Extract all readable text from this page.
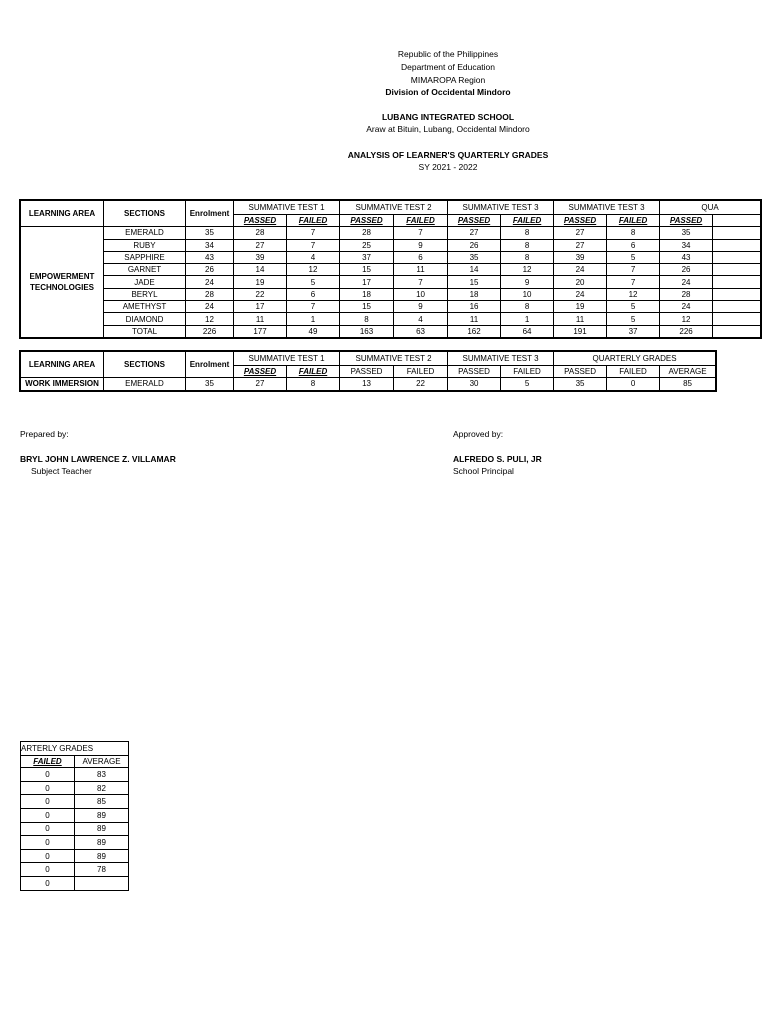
Republic of the Philippines
Department of Education
MIMAROPA Region
Division of Occidental Mindoro
LUBANG INTEGRATED SCHOOL
Araw at Bituin, Lubang, Occidental Mindoro
ANALYSIS OF LEARNER'S QUARTERLY GRADES
SY 2021 - 2022
LEARNING AREA	SECTIONS	Enrolment	SUMMATIVE TEST 1		SUMMATIVE TEST 2		SUMMATIVE TEST 3		SUMMATIVE TEST 3		QUA	
			PASSED	FAILED	PASSED	FAILED	PASSED	FAILED	PASSED	FAILED	PASSED	
EMPOWERMENT TECHNOLOGIES	EMERALD	35	28	7	28	7	27	8	27	8	35	
	RUBY	34	27	7	25	9	26	8	27	6	34	
	SAPPHIRE	43	39	4	37	6	35	8	39	5	43	
	GARNET	26	14	12	15	11	14	12	24	7	26	
	JADE	24	19	5	17	7	15	9	20	7	24	
	BERYL	28	22	6	18	10	18	10	24	12	28	
	AMETHYST	24	17	7	15	9	16	8	19	5	24	
	DIAMOND	12	11	1	8	4	11	1	11	5	12	
	TOTAL	226	177	49	163	63	162	64	191	37	226	
LEARNING AREA	SECTIONS	Enrolment	SUMMATIVE TEST 1		SUMMATIVE TEST 2		SUMMATIVE TEST 3		QUARTERLY GRADES		
			PASSED	FAILED	PASSED	FAILED	PASSED	FAILED	PASSED	FAILED	AVERAGE
WORK IMMERSION	EMERALD	35	27	8	13	22	30	5	35	0	85
Prepared by:
BRYL JOHN LAWRENCE Z. VILLAMAR
Subject Teacher
Approved by:
ALFREDO S. PULI, JR
School Principal
ARTERLY GRADES	
FAILED	AVERAGE
0	83
0	82
0	85
0	89
0	89
0	89
0	89
0	78
0	
